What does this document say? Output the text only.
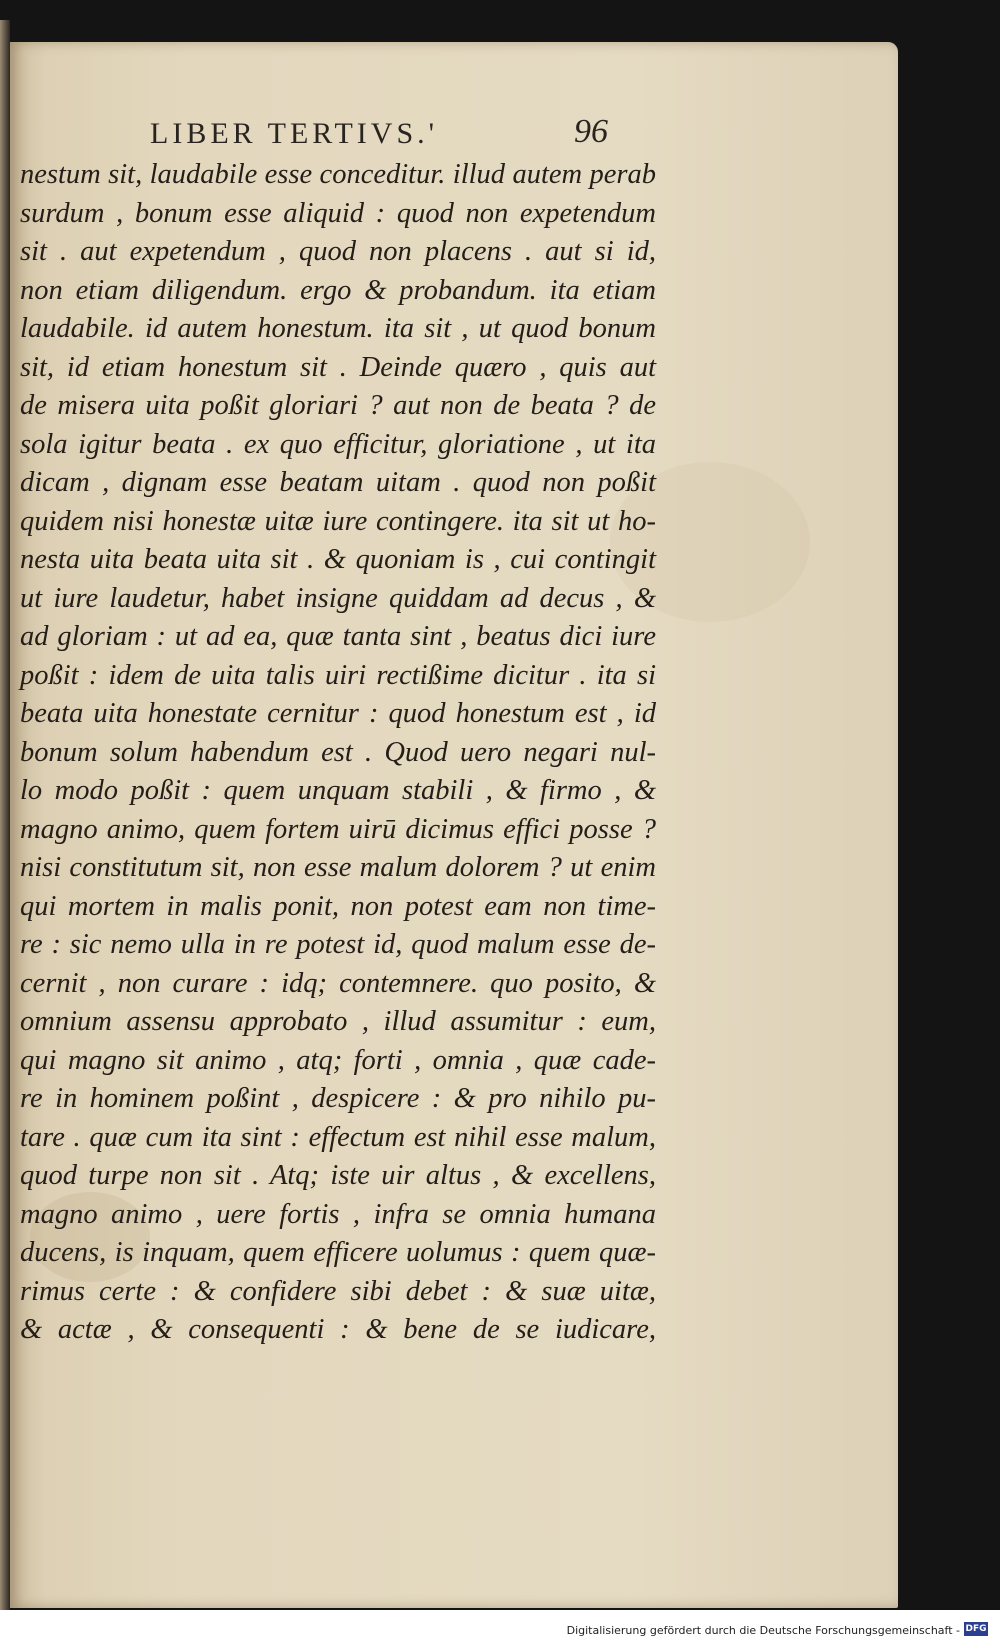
LIBER TERTIVS.'	96
nestum sit, laudabile esse conceditur. illud autem perab
surdum , bonum esse aliquid : quod non expetendum
sit . aut expetendum , quod non placens . aut si id,
non etiam diligendum. ergo & probandum. ita etiam
laudabile. id autem honestum. ita sit , ut quod bonum
sit, id etiam honestum sit . Deinde quæro , quis aut
de misera uita poßit gloriari ? aut non de beata ? de
sola igitur beata . ex quo efficitur, gloriatione , ut ita
dicam , dignam esse beatam uitam . quod non poßit
quidem nisi honestæ uitæ iure contingere. ita sit ut ho-
nesta uita beata uita sit . & quoniam is , cui contingit
ut iure laudetur, habet insigne quiddam ad decus , &
ad gloriam : ut ad ea, quæ tanta sint , beatus dici iure
poßit : idem de uita talis uiri rectißime dicitur . ita si
beata uita honestate cernitur : quod honestum est , id
bonum solum habendum est . Quod uero negari nul-
lo modo poßit : quem unquam stabili , & firmo , &
magno animo, quem fortem uirū dicimus effici posse ?
nisi constitutum sit, non esse malum dolorem ? ut enim
qui mortem in malis ponit, non potest eam non time-
re : sic nemo ulla in re potest id, quod malum esse de-
cernit , non curare : idq; contemnere. quo posito, &
omnium assensu approbato , illud assumitur : eum,
qui magno sit animo , atq; forti , omnia , quæ cade-
re in hominem poßint , despicere : & pro nihilo pu-
tare . quæ cum ita sint : effectum est nihil esse malum,
quod turpe non sit . Atq; iste uir altus , & excellens,
magno animo , uere fortis , infra se omnia humana
ducens, is inquam, quem efficere uolumus : quem quæ-
rimus certe : & confidere sibi debet : & suæ uitæ,
& actæ , & consequenti : & bene de se iudicare,
Digitalisierung gefördert durch die Deutsche Forschungsgemeinschaft - DFG
